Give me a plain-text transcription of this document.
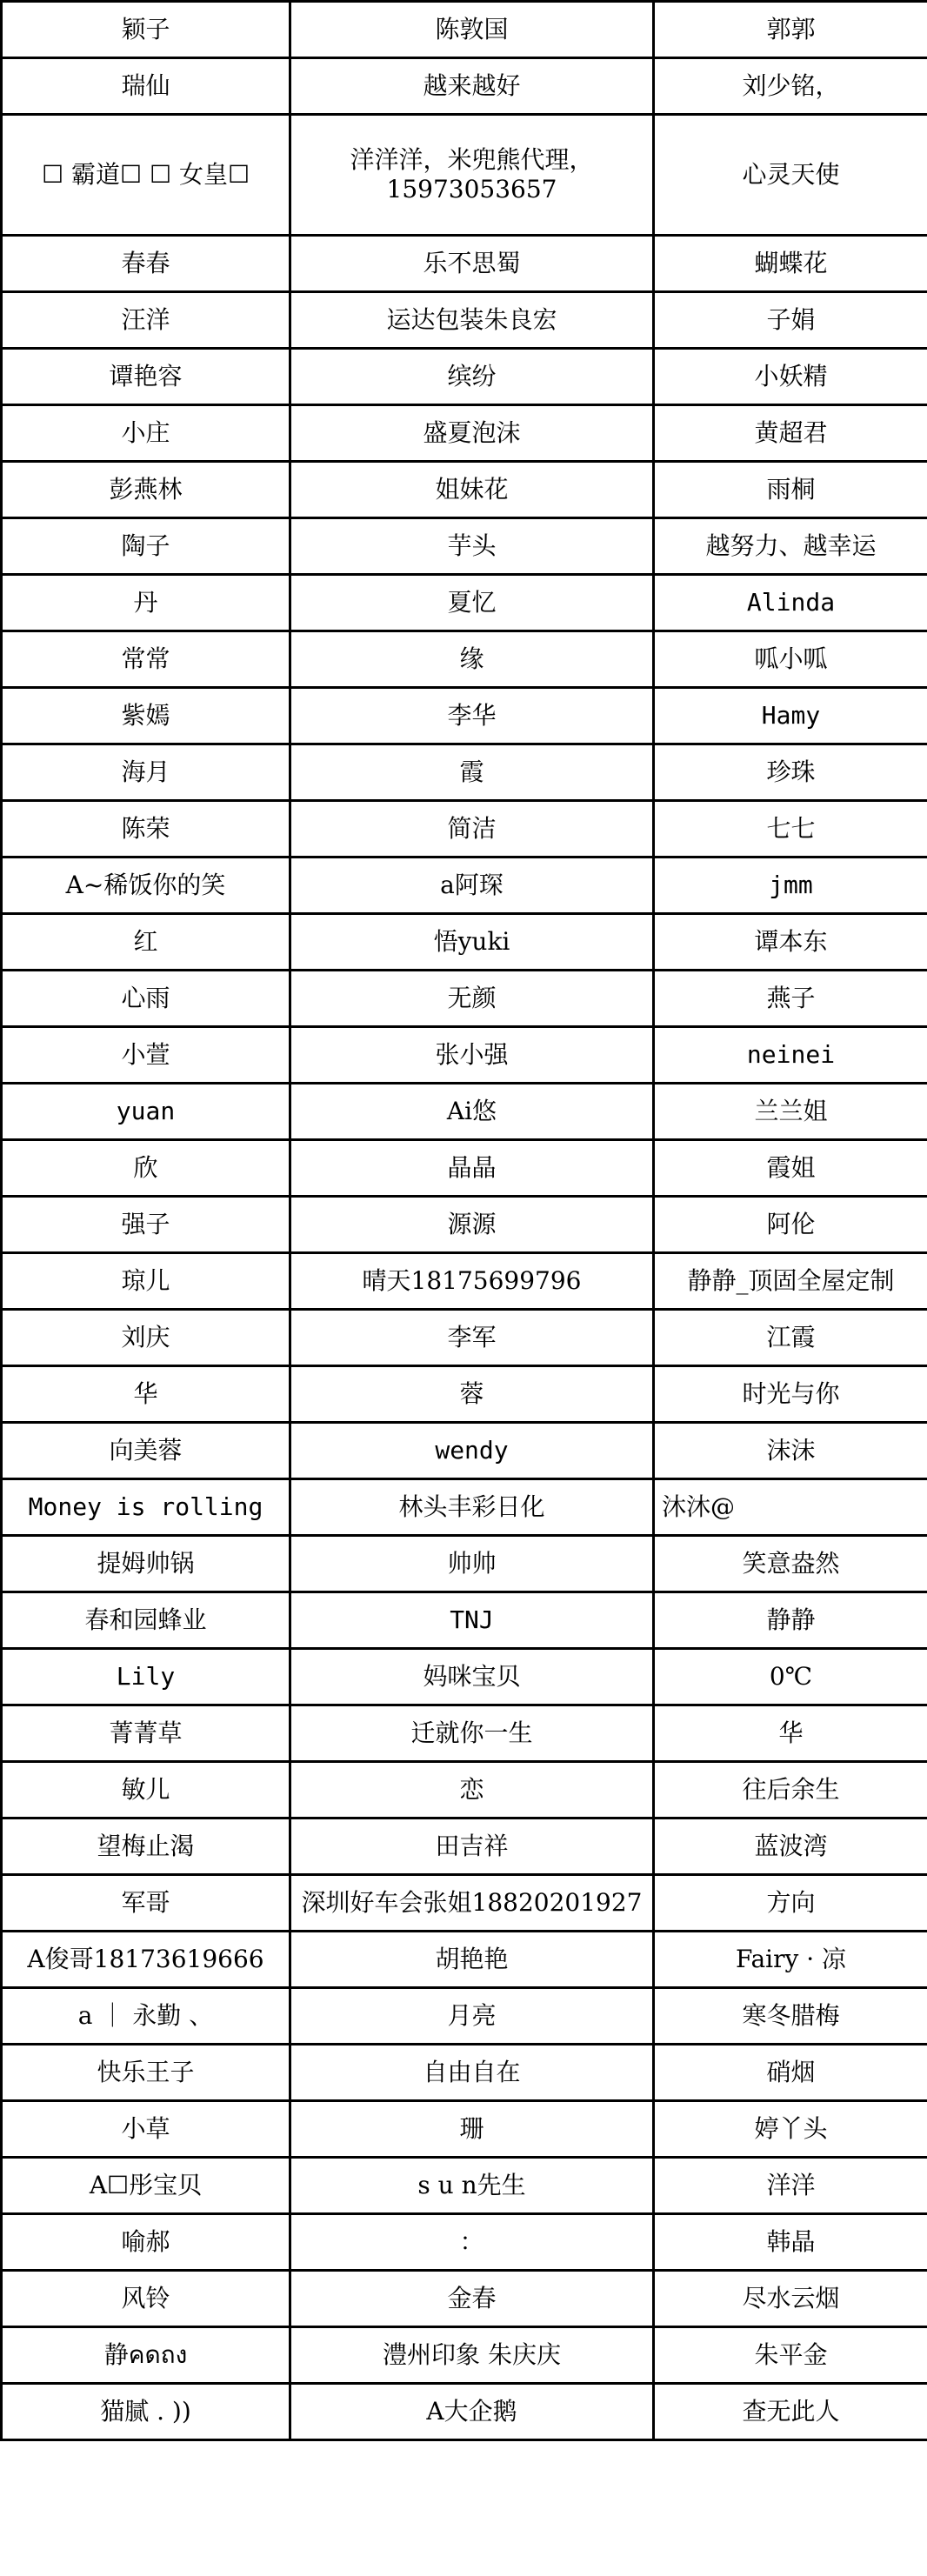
颖子	陈敦国	郭郭
瑞仙	越来越好	刘少铭，
☐ 霸道☐ ☐ 女皇☐	洋洋洋，米兜熊代理，15973053657	心灵天使
春春	乐不思蜀	蝴蝶花
汪洋	运达包装朱良宏	子娟
谭艳容	缤纷	小妖精
小庄	盛夏泡沫	黄超君
彭燕林	姐妹花	雨桐
陶子	芋头	越努力、越幸运
丹	夏忆	Alinda
常常	缘	呱小呱
紫嫣	李华	Hamy
海月	霞	珍珠
陈荣	简洁	七七
A~稀饭你的笑	a阿琛	jmm
红	悟yuki	谭本东
心雨	无颜	燕子
小萱	张小强	neinei
yuan	Ai悠	兰兰姐
欣	晶晶	霞姐
强子	源源	阿伦
琼儿	晴天18175699796	静静_顶固全屋定制
刘庆	李军	江霞
华	蓉	时光与你
向美蓉	wendy	沫沫
Money is rolling	林头丰彩日化	沐沐@
提姆帅锅	帅帅	笑意盎然
春和园蜂业	TNJ	静静
Lily	妈咪宝贝	0℃
菁菁草	迁就你一生	华
敏儿	恋	往后余生
望梅止渴	田吉祥	蓝波湾
军哥	深圳好车会张姐18820201927	方向
A俊哥18173619666	胡艳艳	Fairy · 凉
a ｜ 永勤 、	月亮	寒冬腊梅
快乐王子	自由自在	硝烟
小草	珊	婷丫头
A☐彤宝贝	s u n先生	洋洋
喻郝	：	韩晶
风铃	金春	尽水云烟
静คดถง	澧州印象 朱庆庆	朱平金
猫腻 . ))	A大企鹅	查无此人
